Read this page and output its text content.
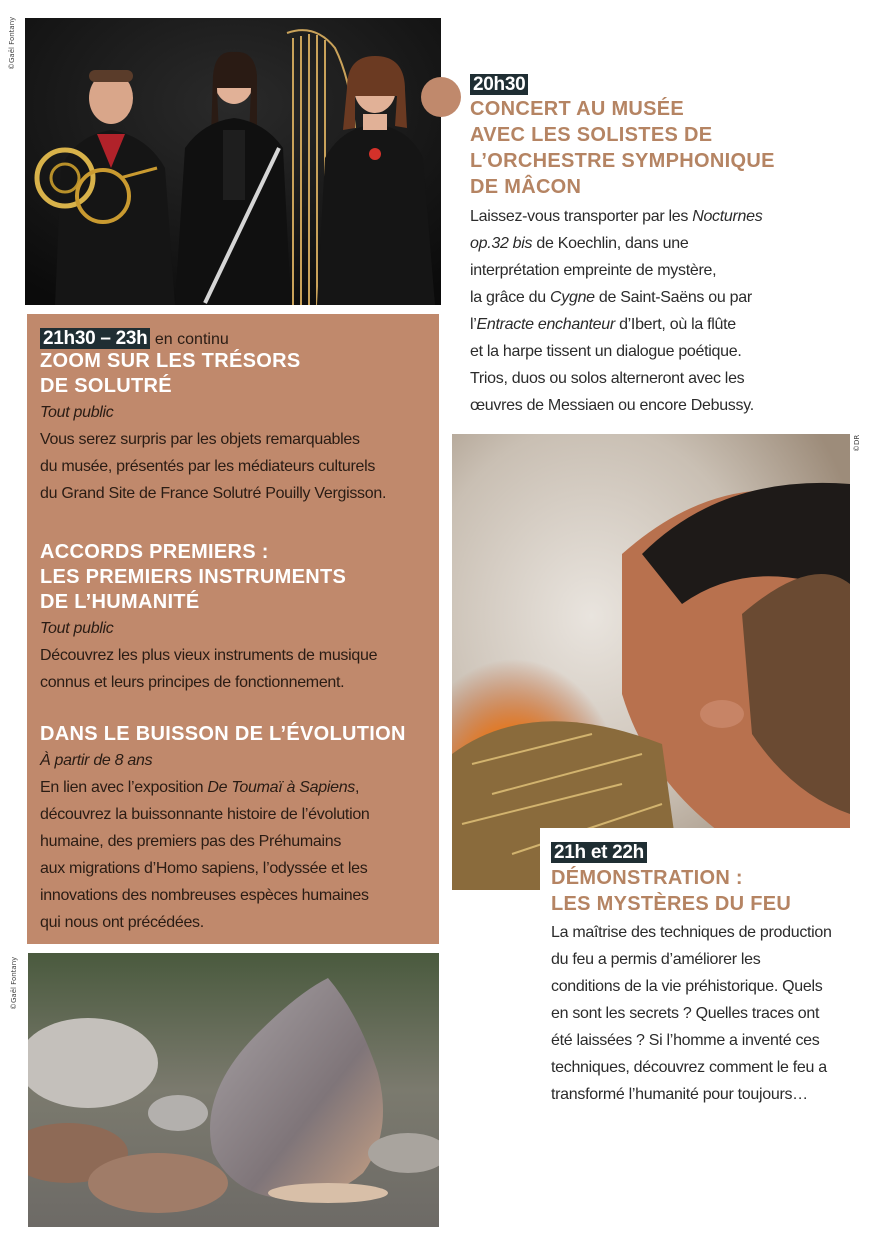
©Gaël Fontany
20h30

CONCERT AU MUSÉE

AVEC LES SOLISTES DE

L’ORCHESTRE SYMPHONIQUE

DE MÂCON

Laissez-vous transporter par les Nocturnes

op.32 bis de Koechlin, dans une

interprétation empreinte de mystère,

la grâce du Cygne de Saint-Saëns ou par

l’Entracte enchanteur d’Ibert, où la flûte

et la harpe tissent un dialogue poétique.

Trios, duos ou solos alterneront avec les

œuvres de Messiaen ou encore Debussy.

21h30 – 23h en continu

ZOOM SUR LES TRÉSORS

DE SOLUTRÉ

Tout public

Vous serez surpris par les objets remarquables

du musée, présentés par les médiateurs culturels

du Grand Site de France Solutré Pouilly Vergisson.

ACCORDS PREMIERS :

LES PREMIERS INSTRUMENTS

DE L’HUMANITÉ

Tout public

Découvrez les plus vieux instruments de musique

connus et leurs principes de fonctionnement.

DANS LE BUISSON DE L’ÉVOLUTION

À partir de 8 ans

En lien avec l’exposition De Toumaï à Sapiens,

découvrez la buissonnante histoire de l’évolution

humaine, des premiers pas des Préhumains

aux migrations d’Homo sapiens, l’odyssée et les

innovations des nombreuses espèces humaines

qui nous ont précédées.

©DR
21h et 22h

DÉMONSTRATION :

LES MYSTÈRES DU FEU

La maîtrise des techniques de production

du feu a permis d’améliorer les

conditions de la vie préhistorique. Quels

en sont les secrets ? Quelles traces ont

été laissées ? Si l’homme a inventé ces

techniques, découvrez comment le feu a

transformé l’humanité pour toujours…

©Gaël Fontany
